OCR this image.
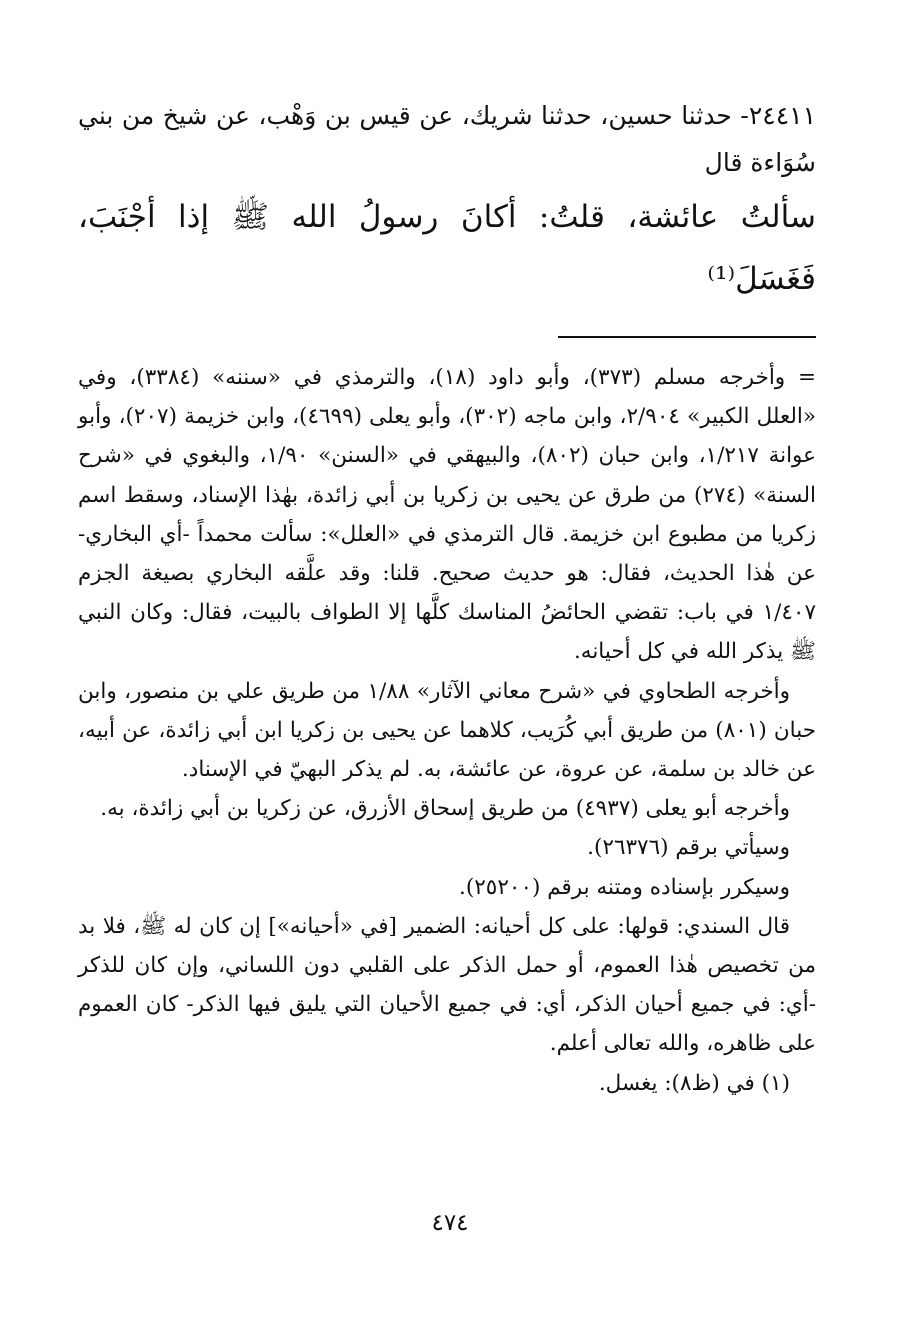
٢٤٤١١- حدثنا حسين، حدثنا شريك، عن قيس بن وَهْب، عن شيخ من بني سُوَاءة قال

سألتُ عائشة، قلتُ: أكانَ رسولُ الله ﷺ إذا أجْنَبَ، فَغَسَلَ⁽¹⁾

= وأخرجه مسلم (٣٧٣)، وأبو داود (١٨)، والترمذي في «سننه» (٣٣٨٤)، وفي «العلل الكبير» ٢/٩٠٤، وابن ماجه (٣٠٢)، وأبو يعلى (٤٦٩٩)، وابن خزيمة (٢٠٧)، وأبو عوانة ١/٢١٧، وابن حبان (٨٠٢)، والبيهقي في «السنن» ١/٩٠، والبغوي في «شرح السنة» (٢٧٤) من طرق عن يحيى بن زكريا بن أبي زائدة، بهٰذا الإسناد، وسقط اسم زكريا من مطبوع ابن خزيمة. قال الترمذي في «العلل»: سألت محمداً -أي البخاري- عن هٰذا الحديث، فقال: هو حديث صحيح. قلنا: وقد علَّقه البخاري بصيغة الجزم ١/٤٠٧ في باب: تقضي الحائضُ المناسك كلَّها إلا الطواف بالبيت، فقال: وكان النبي ﷺ يذكر الله في كل أحيانه.

وأخرجه الطحاوي في «شرح معاني الآثار» ١/٨٨ من طريق علي بن منصور، وابن حبان (٨٠١) من طريق أبي كُرَيب، كلاهما عن يحيى بن زكريا ابن أبي زائدة، عن أبيه، عن خالد بن سلمة، عن عروة، عن عائشة، به. لم يذكر البهيّ في الإسناد.

وأخرجه أبو يعلى (٤٩٣٧) من طريق إسحاق الأزرق، عن زكريا بن أبي زائدة، به.

وسيأتي برقم (٢٦٣٧٦).

وسيكرر بإسناده ومتنه برقم (٢٥٢٠٠).

قال السندي: قولها: على كل أحيانه: الضمير [في «أحيانه»] إن كان له ﷺ، فلا بد من تخصيص هٰذا العموم، أو حمل الذكر على القلبي دون اللساني، وإن كان للذكر -أي: في جميع أحيان الذكر، أي: في جميع الأحيان التي يليق فيها الذكر- كان العموم على ظاهره، والله تعالى أعلم.

(١) في (ظ٨): يغسل.

٤٧٤
